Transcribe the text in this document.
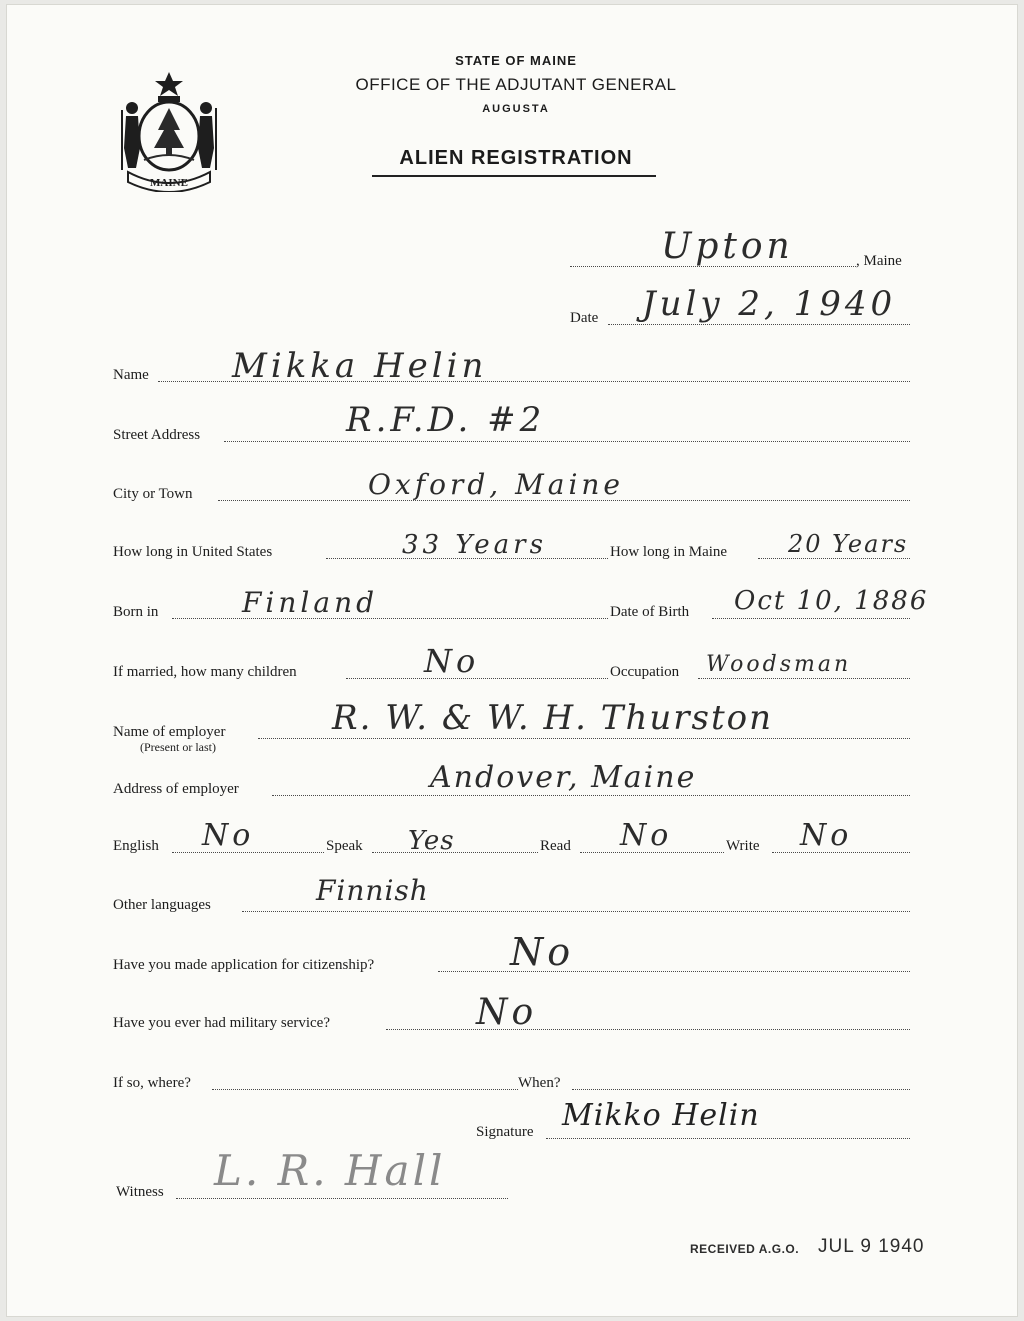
MAINE
STATE OF MAINE
OFFICE OF THE ADJUTANT GENERAL
AUGUSTA
ALIEN REGISTRATION
Upton	, Maine
Date July 2, 1940
Name Mikka Helin
Street Address	R.F.D. #2
City or Town	Oxford, Maine
How long in United States	33 Years	How long in Maine	20 Years
Born in	Finland	Date of Birth Oct 10, 1886
If married, how many children	No	Occupation Woodsman
Name of employer
(Present or last)
R. W. & W. H. Thurston
Address of employer	Andover, Maine
English No	Speak Yes	Read No	Write No
Other languages	Finnish
Have you made application for citizenship?	No
Have you ever had military service?	No
If so, where?	When?
Signature Mikko Helin
Witness L. R. Hall
RECEIVED A.G.O. JUL 9 1940
